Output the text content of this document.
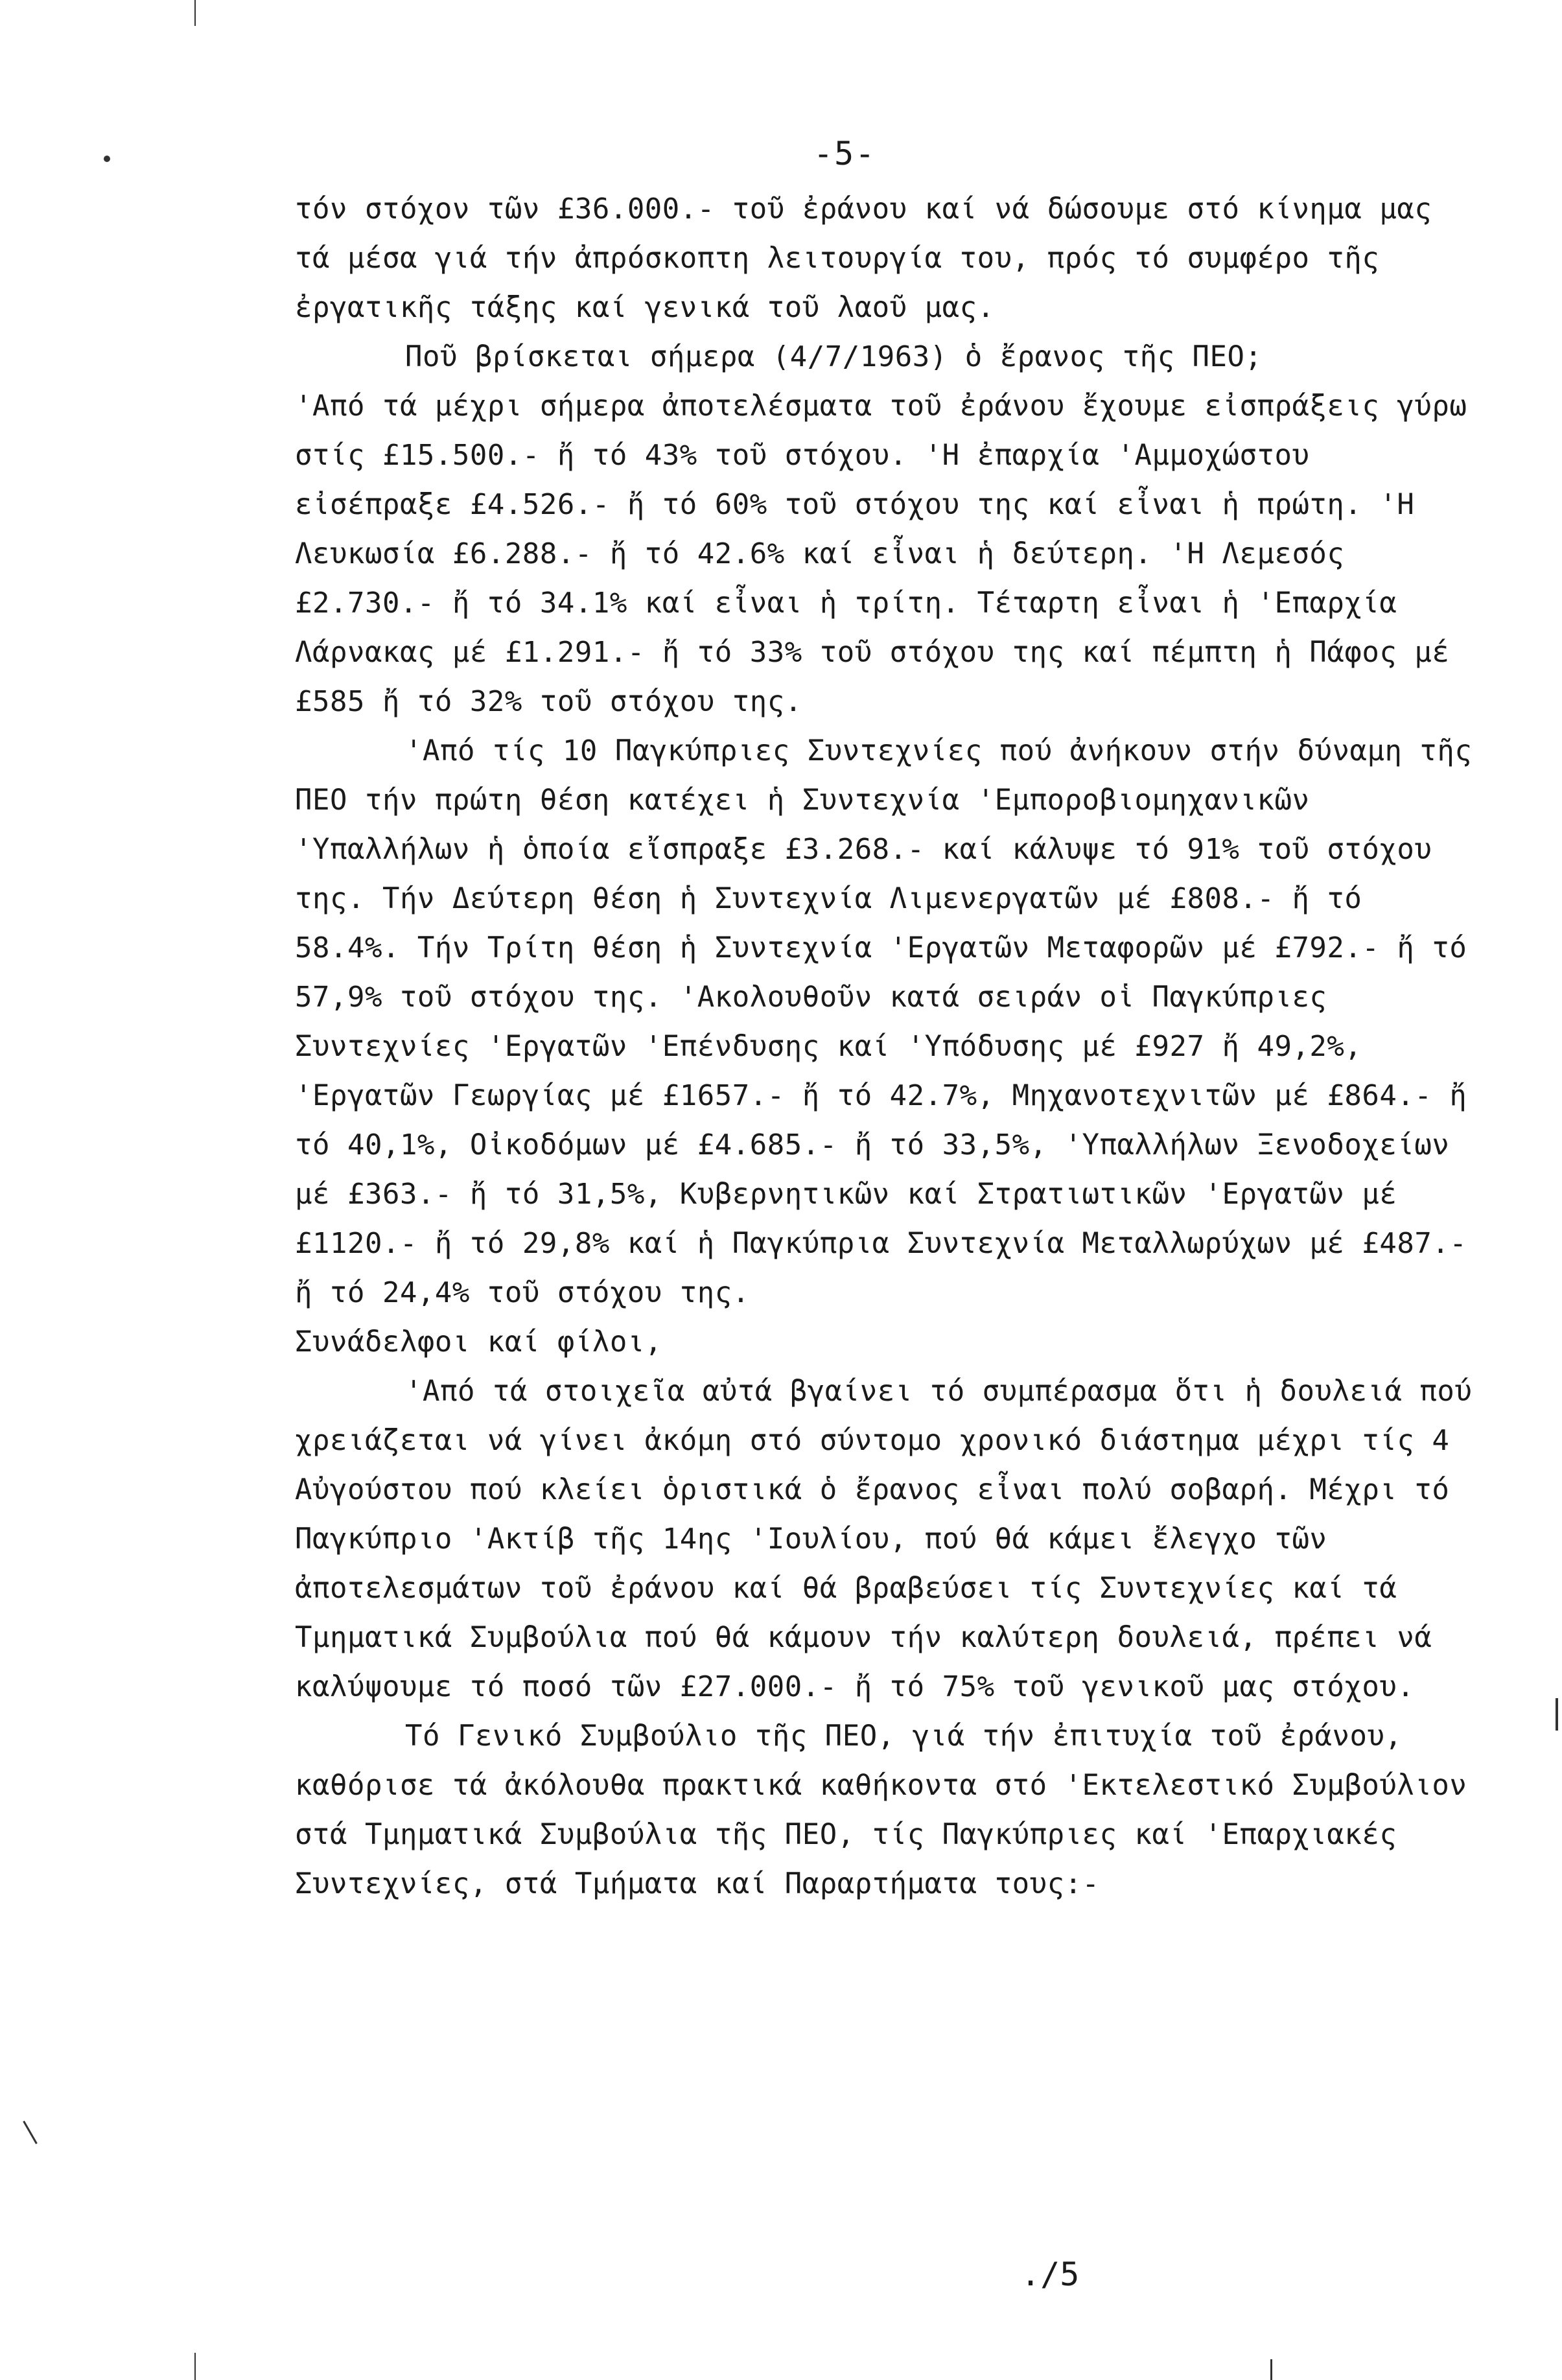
-5-

τόν στόχον τῶν £36.000.- τοῦ ἐράνου καί νά δώσουμε στό κίνημα μας τά μέσα γιά τήν ἀπρόσκοπτη λειτουργία του, πρός τό συμφέρο τῆς ἐργατικῆς τάξης καί γενικά τοῦ λαοῦ μας.

Ποῦ βρίσκεται σήμερα (4/7/1963) ὁ ἔρανος τῆς ΠΕΟ;

'Από τά μέχρι σήμερα ἀποτελέσματα τοῦ ἐράνου ἔχουμε εἰσπράξεις γύρω στίς £15.500.- ἤ τό 43% τοῦ στόχου. 'Η ἐπαρχία 'Αμμοχώστου εἰσέπραξε £4.526.- ἤ τό 60% τοῦ στόχου της καί εἶναι ἡ πρώτη. 'Η Λευκωσία £6.288.- ἤ τό 42.6% καί εἶναι ἡ δεύτερη. 'Η Λεμεσός £2.730.- ἤ τό 34.1% καί εἶναι ἡ τρίτη. Τέταρτη εἶναι ἡ 'Επαρχία Λάρνακας μέ £1.291.- ἤ τό 33% τοῦ στόχου της καί πέμπτη ἡ Πάφος μέ £585 ἤ τό 32% τοῦ στόχου της.

'Από τίς 10 Παγκύπριες Συντεχνίες πού ἀνήκουν στήν δύναμη τῆς ΠΕΟ τήν πρώτη θέση κατέχει ἡ Συντεχνία 'Εμποροβιομηχανικῶν 'Υπαλλήλων ἡ ὁποία εἴσπραξε £3.268.- καί κάλυψε τό 91% τοῦ στόχου της. Τήν Δεύτερη θέση ἡ Συντεχνία Λιμενεργατῶν μέ £808.- ἤ τό 58.4%. Τήν Τρίτη θέση ἡ Συντεχνία 'Εργατῶν Μεταφορῶν μέ £792.- ἤ τό 57,9% τοῦ στόχου της. 'Ακολουθοῦν κατά σειράν οἱ Παγκύπριες Συντεχνίες 'Εργατῶν 'Επένδυσης καί 'Υπόδυσης μέ £927 ἤ 49,2%, 'Εργατῶν Γεωργίας μέ £1657.- ἤ τό 42.7%, Μηχανοτεχνιτῶν μέ £864.- ἤ τό 40,1%, Οἰκοδόμων μέ £4.685.- ἤ τό 33,5%, 'Υπαλλήλων Ξενοδοχείων μέ £363.- ἤ τό 31,5%, Κυβερνητικῶν καί Στρατιωτικῶν 'Εργατῶν μέ £1120.- ἤ τό 29,8% καί ἡ Παγκύπρια Συντεχνία Μεταλλωρύχων μέ £487.- ἤ τό 24,4% τοῦ στόχου της.

Συνάδελφοι καί φίλοι,

'Από τά στοιχεῖα αὐτά βγαίνει τό συμπέρασμα ὅτι ἡ δουλειά πού χρειάζεται νά γίνει ἀκόμη στό σύντομο χρονικό διάστημα μέχρι τίς 4 Αὐγούστου πού κλείει ὁριστικά ὁ ἔρανος εἶναι πολύ σοβαρή. Μέχρι τό Παγκύπριο 'Ακτίβ τῆς 14ης 'Ιουλίου, πού θά κάμει ἔλεγχο τῶν ἀποτελεσμάτων τοῦ ἐράνου καί θά βραβεύσει τίς Συντεχνίες καί τά Τμηματικά Συμβούλια πού θά κάμουν τήν καλύτερη δουλειά, πρέπει νά καλύψουμε τό ποσό τῶν £27.000.- ἤ τό 75% τοῦ γενικοῦ μας στόχου.

Τό Γενικό Συμβούλιο τῆς ΠΕΟ, γιά τήν ἐπιτυχία τοῦ ἐράνου, καθόρισε τά ἀκόλουθα πρακτικά καθήκοντα στό 'Εκτελεστικό Συμβούλιον στά Τμηματικά Συμβούλια τῆς ΠΕΟ, τίς Παγκύπριες καί 'Επαρχιακές Συντεχνίες, στά Τμήματα καί Παραρτήματα τους:-

./5
